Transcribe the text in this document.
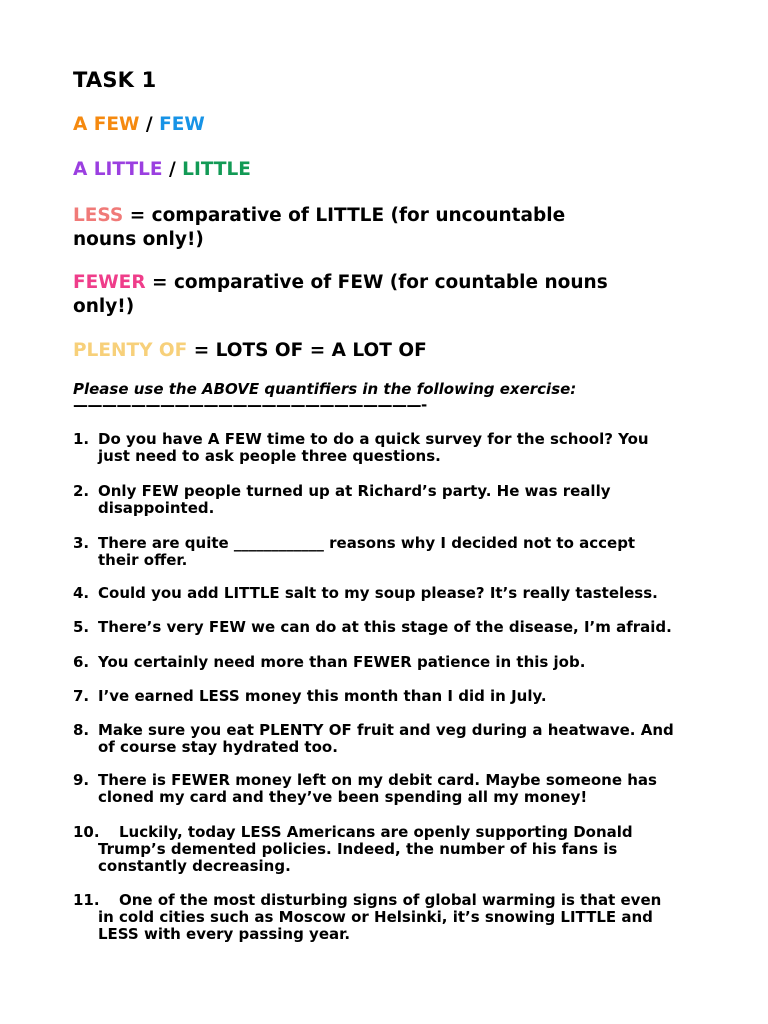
TASK 1
A FEW / FEW
A LITTLE / LITTLE
LESS = comparative of LITTLE (for uncountable
nouns only!)
FEWER = comparative of FEW (for countable nouns
only!)
PLENTY OF = LOTS OF = A LOT OF
Please use the ABOVE quantifiers in the following exercise:
————————————————————————-
1. Do you have A FEW time to do a quick survey for the school? You
just need to ask people three questions.
2. Only FEW people turned up at Richard’s party. He was really
disappointed.
3. There are quite ____________ reasons why I decided not to accept
their offer.
4. Could you add LITTLE salt to my soup please? It’s really tasteless.
5. There’s very FEW we can do at this stage of the disease, I’m afraid.
6. You certainly need more than FEWER patience in this job.
7. I’ve earned LESS money this month than I did in July.
8. Make sure you eat PLENTY OF fruit and veg during a heatwave. And
of course stay hydrated too.
9. There is FEWER money left on my debit card. Maybe someone has
cloned my card and they’ve been spending all my money!
10. Luckily, today LESS Americans are openly supporting Donald
Trump’s demented policies. Indeed, the number of his fans is
constantly decreasing.
11. One of the most disturbing signs of global warming is that even
in cold cities such as Moscow or Helsinki, it’s snowing LITTLE and
LESS with every passing year.
